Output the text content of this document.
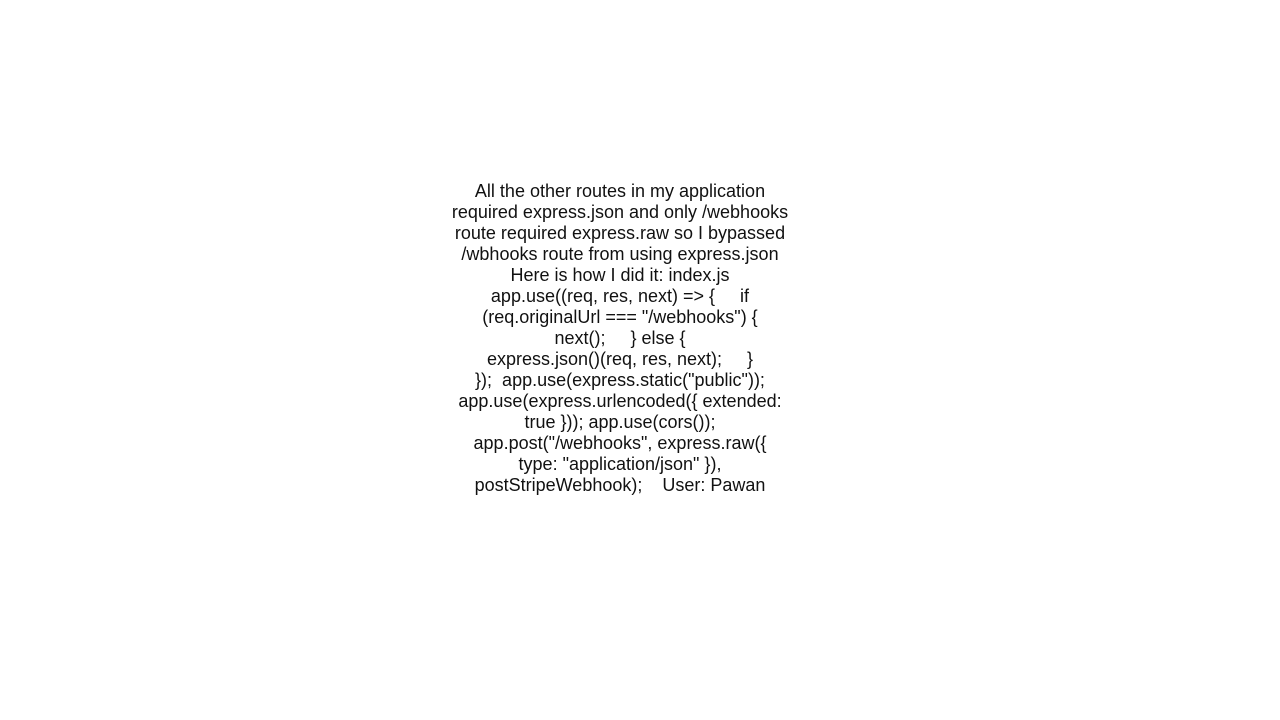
All the other routes in my application
required express.json and only /webhooks
route required express.raw so I bypassed
/wbhooks route from using express.json
Here is how I did it: index.js
app.use((req, res, next) => {     if
(req.originalUrl === "/webhooks") {
next();     } else {
express.json()(req, res, next);     }
});  app.use(express.static("public"));
app.use(express.urlencoded({ extended:
true })); app.use(cors());
app.post("/webhooks", express.raw({
type: "application/json" }),
postStripeWebhook);    User: Pawan
